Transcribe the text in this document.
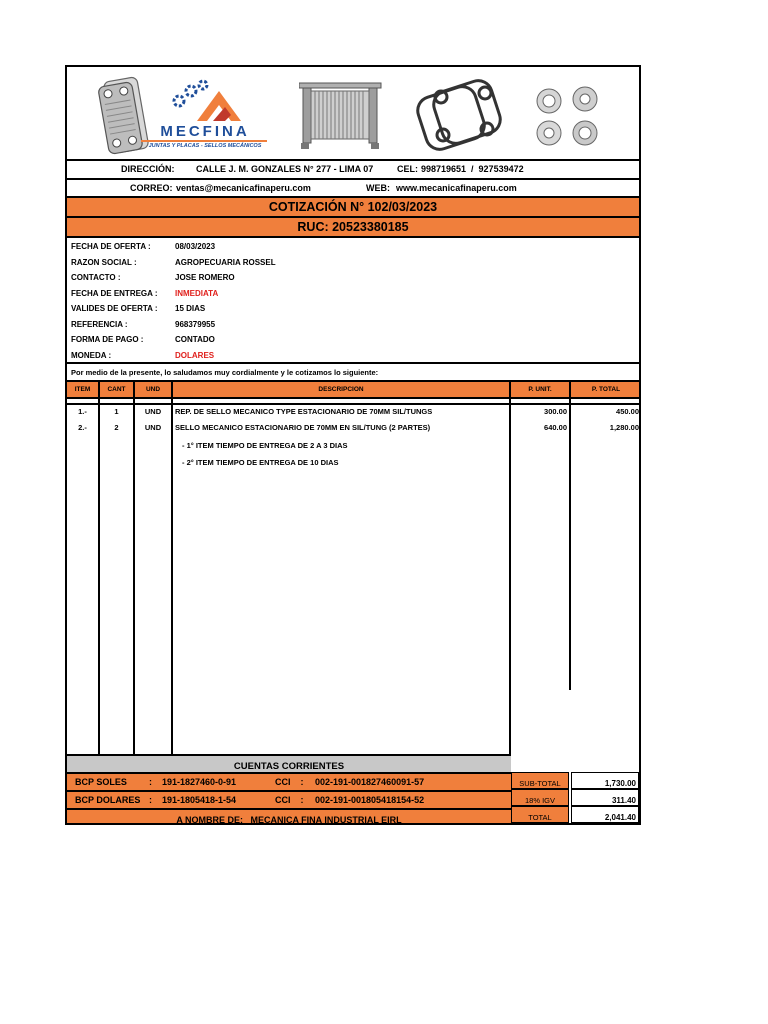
MECFINA
JUNTAS Y PLACAS - SELLOS MECÁNICOS
DIRECCIÓN: CALLE J. M. GONZALES N° 277 - LIMA 07	CEL: 998719651  /  927539472
CORREO: ventas@mecanicafinaperu.com	WEB: www.mecanicafinaperu.com
COTIZACIÓN N° 102/03/2023
RUC: 20523380185
FECHA DE OFERTA :	08/03/2023
RAZON SOCIAL :	AGROPECUARIA ROSSEL
CONTACTO :	JOSE ROMERO
FECHA DE ENTREGA : INMEDIATA
VALIDES DE OFERTA : 15 DIAS
REFERENCIA :	968379955
FORMA DE PAGO :	CONTADO
MONEDA :	DOLARES
Por medio de la presente, lo saludamos muy cordialmente y le cotizamos lo siguiente:
ITEM	CANT	UND	DESCRIPCION	P. UNIT.	P. TOTAL
1.-	1	UND	REP. DE SELLO MECANICO TYPE ESTACIONARIO DE 70MM SIL/TUNGS	300.00	450.00
2.-	2	UND	SELLO MECANICO ESTACIONARIO DE 70MM EN SIL/TUNG (2 PARTES)	640.00	1,280.00
- 1° ITEM TIEMPO DE ENTREGA DE 2 A 3 DIAS
- 2° ITEM TIEMPO DE ENTREGA DE 10 DIAS
CUENTAS CORRIENTES
BCP SOLES :    191-1827460-0-91	CCI    : 002-191-001827460091-57
BCP DOLARES :    191-1805418-1-54	CCI    : 002-191-001805418154-52
A NOMBRE DE:   MECANICA FINA INDUSTRIAL EIRL
SUB-TOTAL	1,730.00
18% IGV	311.40
TOTAL	2,041.40
